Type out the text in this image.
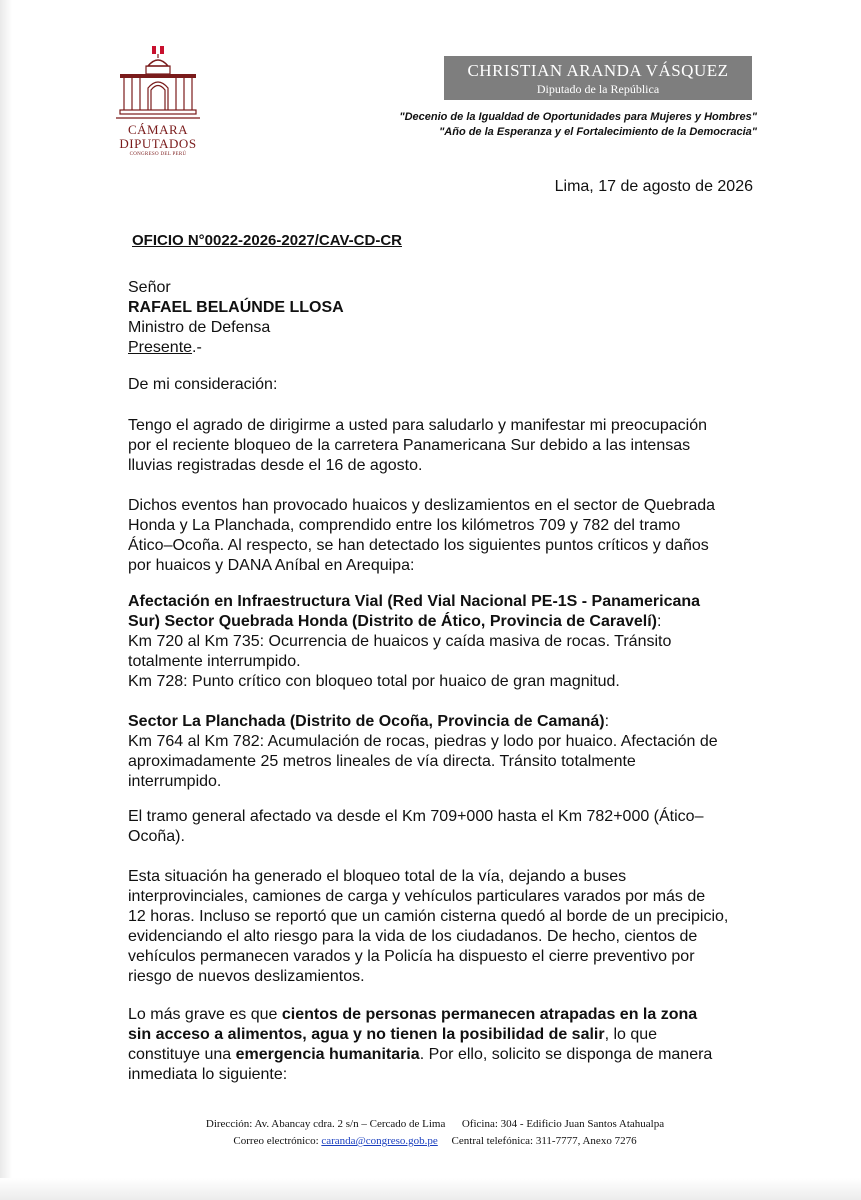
CÁMARA
DIPUTADOS
CONGRESO DEL PERÚ
CHRISTIAN ARANDA VÁSQUEZ
Diputado de la República
"Decenio de la Igualdad de Oportunidades para Mujeres y Hombres"
"Año de la Esperanza y el Fortalecimiento de la Democracia"
Lima, 17 de agosto de 2026
OFICIO N°0022-2026-2027/CAV-CD-CR
Señor
RAFAEL BELAÚNDE LLOSA
Ministro de Defensa
Presente.-
De mi consideración:
Tengo el agrado de dirigirme a usted para saludarlo y manifestar mi preocupación
por el reciente bloqueo de la carretera Panamericana Sur debido a las intensas
lluvias registradas desde el 16 de agosto.
Dichos eventos han provocado huaicos y deslizamientos en el sector de Quebrada
Honda y La Planchada, comprendido entre los kilómetros 709 y 782 del tramo
Ático–Ocoña. Al respecto, se han detectado los siguientes puntos críticos y daños
por huaicos y DANA Aníbal en Arequipa:
Afectación en Infraestructura Vial (Red Vial Nacional PE-1S - Panamericana
Sur) Sector Quebrada Honda (Distrito de Ático, Provincia de Caravelí):
Km 720 al Km 735: Ocurrencia de huaicos y caída masiva de rocas. Tránsito
totalmente interrumpido.
Km 728: Punto crítico con bloqueo total por huaico de gran magnitud.
Sector La Planchada (Distrito de Ocoña, Provincia de Camaná):
Km 764 al Km 782: Acumulación de rocas, piedras y lodo por huaico. Afectación de
aproximadamente 25 metros lineales de vía directa. Tránsito totalmente
interrumpido.
El tramo general afectado va desde el Km 709+000 hasta el Km 782+000 (Ático–
Ocoña).
Esta situación ha generado el bloqueo total de la vía, dejando a buses
interprovinciales, camiones de carga y vehículos particulares varados por más de
12 horas. Incluso se reportó que un camión cisterna quedó al borde de un precipicio,
evidenciando el alto riesgo para la vida de los ciudadanos. De hecho, cientos de
vehículos permanecen varados y la Policía ha dispuesto el cierre preventivo por
riesgo de nuevos deslizamientos.
Lo más grave es que cientos de personas permanecen atrapadas en la zona
sin acceso a alimentos, agua y no tienen la posibilidad de salir, lo que
constituye una emergencia humanitaria. Por ello, solicito se disponga de manera
inmediata lo siguiente:
Dirección: Av. Abancay cdra. 2 s/n – Cercado de Lima      Oficina: 304 - Edificio Juan Santos Atahualpa
Correo electrónico: caranda@congreso.gob.pe     Central telefónica: 311-7777, Anexo 7276
